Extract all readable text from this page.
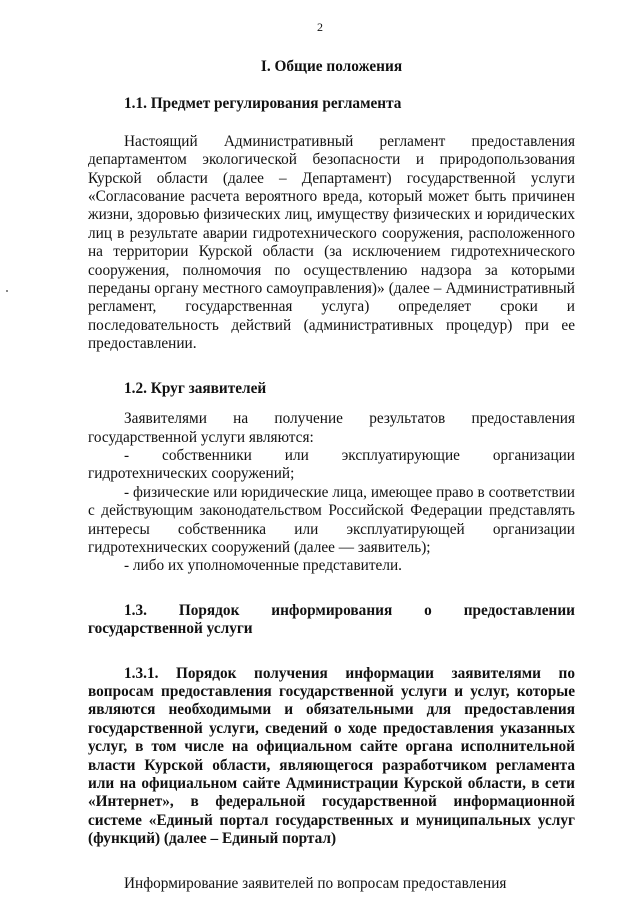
2
I. Общие положения
1.1. Предмет регулирования регламента

Настоящий Административный регламент предоставления департаментом экологической безопасности и природопользования Курской области (далее – Департамент) государственной услуги «Согласование расчета вероятного вреда, который может быть причинен жизни, здоровью физических лиц, имуществу физических и юридических лиц в результате аварии гидротехнического сооружения, расположенного на территории Курской области (за исключением гидротехнического сооружения, полномочия по осуществлению надзора за которыми переданы органу местного самоуправления)» (далее – Административный регламент, государственная услуга) определяет сроки и последовательность действий (административных процедур) при ее предоставлении.

1.2. Круг заявителей

Заявителями на получение результатов предоставления государственной услуги являются:

- собственники или эксплуатирующие организации гидротехнических сооружений;

- физические или юридические лица, имеющее право в соответствии с действующим законодательством Российской Федерации представлять интересы собственника или эксплуатирующей организации гидротехнических сооружений (далее — заявитель);

- либо их уполномоченные представители.

1.3. Порядок информирования о предоставлении государственной услуги

1.3.1. Порядок получения информации заявителями по вопросам предоставления государственной услуги и услуг, которые являются необходимыми и обязательными для предоставления государственной услуги, сведений о ходе предоставления указанных услуг, в том числе на официальном сайте органа исполнительной власти Курской области, являющегося разработчиком регламента или на официальном сайте Администрации Курской области, в сети «Интернет», в федеральной государственной информационной системе «Единый портал государственных и муниципальных услуг (функций) (далее – Единый портал)

Информирование заявителей по вопросам предоставления
